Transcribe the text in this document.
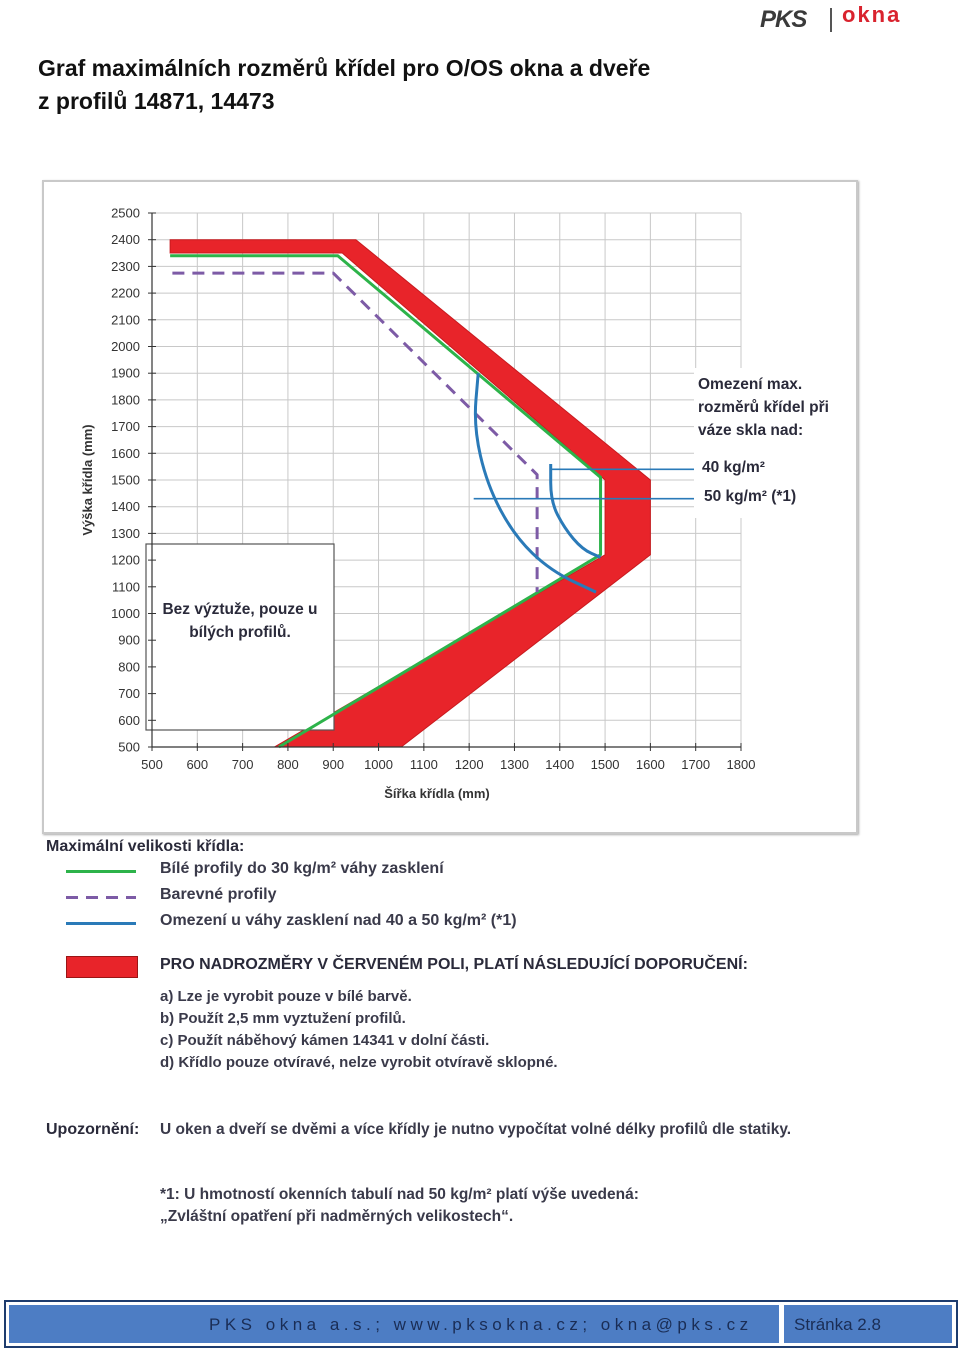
Graf maximálních rozměrů křídel pro O/OS okna a dveře
z profilů 14871, 14473
PKS okna
Bez výztuže, pouze u
bílých profilů.
500 600 700 800 900 1000 1100 1200 1300 1400 1500 1600 1700 1800
500
600
700
800
900
1000
1100
1200
1300
1400
1500
1600
1700
1800
1900
2000
2100
2200
2300
2400
2500
Šířka křídla (mm)
Výška křídla (mm)
Omezení max.
rozměrů křídel při
váze skla nad:
40 kg/m²
50 kg/m² (*1)
Maximální velikosti křídla:
Bílé profily do 30 kg/m² váhy zasklení
Barevné profily
Omezení u váhy zasklení nad 40 a 50 kg/m² (*1)
PRO NADROZMĚRY V ČERVENÉM POLI, PLATÍ NÁSLEDUJÍCÍ DOPORUČENÍ:
a) Lze je vyrobit pouze v bílé barvě.
b) Použít 2,5 mm vyztužení profilů.
c) Použít náběhový kámen 14341 v dolní části.
d) Křídlo pouze otvíravé, nelze vyrobit otvíravě sklopné.
Upozornění: U oken a dveří se dvěmi a více křídly je nutno vypočítat volné délky profilů dle statiky.
*1: U hmotností okenních tabulí nad 50 kg/m² platí výše uvedená:
„Zvláštní opatření při nadměrných velikostech“.
PKS okna a.s.; www.pksokna.cz; okna@pks.cz Stránka 2.8
